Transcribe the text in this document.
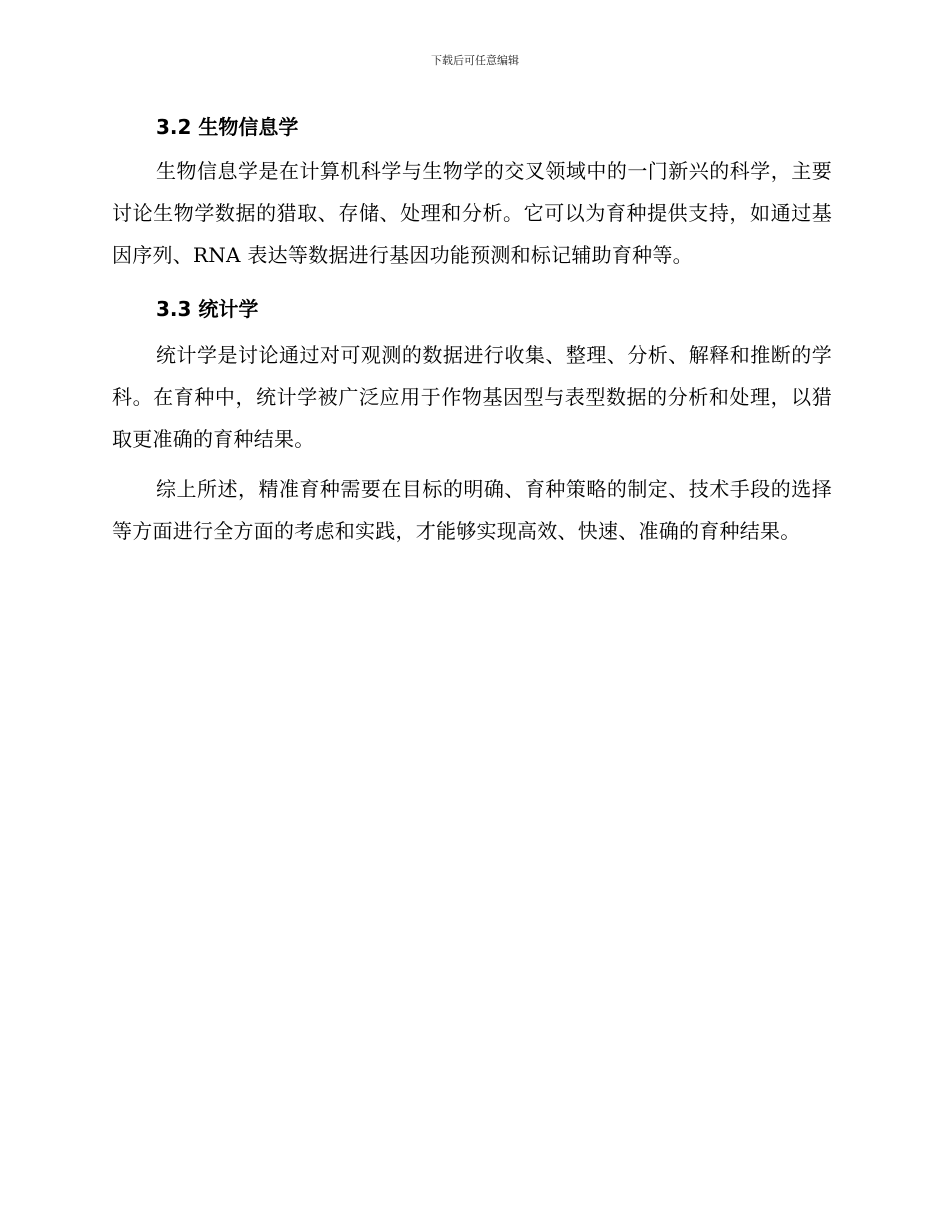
下载后可任意编辑
3.2 生物信息学

生物信息学是在计算机科学与生物学的交叉领域中的一门新兴的科学，主要讨论生物学数据的猎取、存储、处理和分析。它可以为育种提供支持，如通过基因序列、RNA 表达等数据进行基因功能预测和标记辅助育种等。

3.3 统计学

统计学是讨论通过对可观测的数据进行收集、整理、分析、解释和推断的学科。在育种中，统计学被广泛应用于作物基因型与表型数据的分析和处理，以猎取更准确的育种结果。

综上所述，精准育种需要在目标的明确、育种策略的制定、技术手段的选择等方面进行全方面的考虑和实践，才能够实现高效、快速、准确的育种结果。
